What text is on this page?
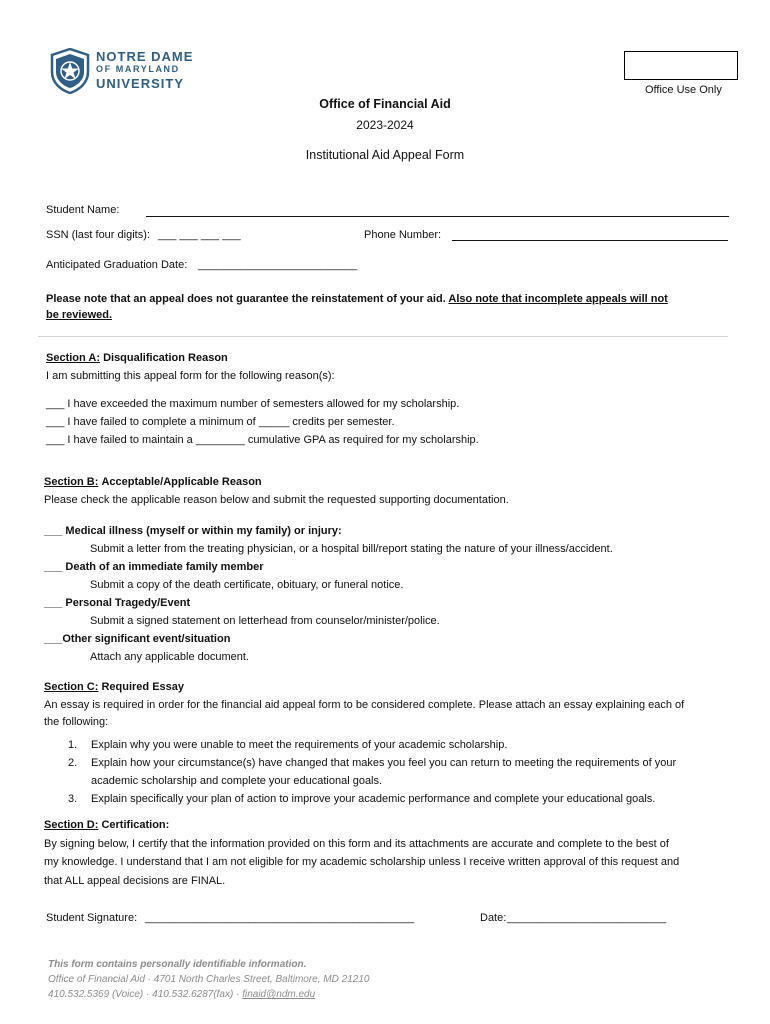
NOTRE DAME
OF MARYLAND
UNIVERSITY	Office Use Only
Office of Financial Aid
2023-2024
Institutional Aid Appeal Form
Student Name:
SSN (last four digits): ___ ___ ___ ___	Phone Number:
Anticipated Graduation Date: __________________________
Please note that an appeal does not guarantee the reinstatement of your aid. Also note that incomplete appeals will not
be reviewed.
Section A: Disqualification Reason
I am submitting this appeal form for the following reason(s):
___ I have exceeded the maximum number of semesters allowed for my scholarship.
___ I have failed to complete a minimum of _____ credits per semester.
___ I have failed to maintain a ________ cumulative GPA as required for my scholarship.
Section B: Acceptable/Applicable Reason
Please check the applicable reason below and submit the requested supporting documentation.
___ Medical illness (myself or within my family) or injury:
Submit a letter from the treating physician, or a hospital bill/report stating the nature of your illness/accident.
___ Death of an immediate family member
Submit a copy of the death certificate, obituary, or funeral notice.
___ Personal Tragedy/Event
Submit a signed statement on letterhead from counselor/minister/police.
___Other significant event/situation
Attach any applicable document.
Section C: Required Essay
An essay is required in order for the financial aid appeal form to be considered complete. Please attach an essay explaining each of
the following:
1. Explain why you were unable to meet the requirements of your academic scholarship.
2. Explain how your circumstance(s) have changed that makes you feel you can return to meeting the requirements of your
academic scholarship and complete your educational goals.
3. Explain specifically your plan of action to improve your academic performance and complete your educational goals.
Section D: Certification:
By signing below, I certify that the information provided on this form and its attachments are accurate and complete to the best of
my knowledge. I understand that I am not eligible for my academic scholarship unless I receive written approval of this request and
that ALL appeal decisions are FINAL.
Student Signature: ____________________________________________	Date: __________________________
This form contains personally identifiable information.
Office of Financial Aid · 4701 North Charles Street, Baltimore, MD 21210
410.532.5369 (Voice) · 410.532.6287(fax) · finaid@ndm.edu
